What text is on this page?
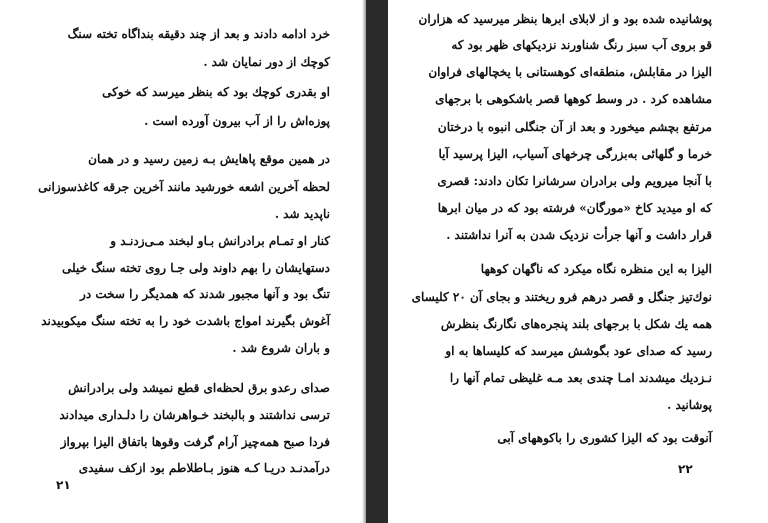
خرد ادامه دادند و بعد از چند دقیقه بنداگاه تخته سنگ
کوچك از دور نمایان شد .
او بقدری کوچك بود که بنظر میرسد که خوکی
پوزه‌اش را از آب بیرون آورده است .
در همین موقع پاهایش بـه زمین رسید و در همان
لحظه آخرین اشعه خورشید مانند آخرین جرقه کاغذسوزانی
ناپدید شد .
کنار او تمـام برادرانش بـاو لبخند مـی‌زدنـد و
دستهایشان را بهم داوند ولی جـا روی تخته سنگ خیلی
تنگ بود و آنها مجبور شدند که همدیگر را سخت در
آغوش بگیرند امواج باشدت خود را به تخته سنگ میکوبیدند
و باران شروع شد .
صدای رعدو برق لحظه‌ای قطع نمیشد ولی برادرانش
ترسی نداشتند و بالبخند خـواهرشان را دلـداری میدادند
فردا صبح همه‌چیز آرام گرفت وقوها باتفاق الیزا بپرواز
درآمدنـد دریـا کـه هنوز بـاطلاطم بود ازکف سفیدی
۲۱
پوشانیده شده بود و از لابلای ابرها بنظر میرسید که هزاران
قو بروی آب سبز رنگ شناورند نزدیکهای ظهر بود که
الیزا در مقابلش، منطقه‌ای کوهستانی با یخچالهای فراوان
مشاهده کرد . در وسط کوهها قصر باشکوهی با برجهای
مرتفع بچشم میخورد و بعد از آن جنگلی انبوه با درختان
خرما و گلهائی به‌بزرگی چرخهای آسیاب، الیزا پرسید آیا
با آنجا میرویم ولی برادران سرشانرا تکان دادند: قصری
که او میدید کاخ «مورگان» فرشته بود که در میان ابرها
قرار داشت و آنها جرأت نزدیک شدن به آنرا نداشتند .
الیزا به این منظره نگاه میکرد که ناگهان کوهها
نوك‌تیز جنگل و قصر درهم فرو ریختند و بجای آن ۲۰ کلیسای
همه یك شکل با برجهای بلند پنجره‌های نگارنگ بنظرش
رسید که صدای عود بگوشش میرسد که کلیساها به او
نـزدیك میشدند امـا چندی بعد مـه غلیظی تمام آنها را
پوشانید .
آنوقت بود که الیزا کشوری را باکوههای آبی
۲۲
